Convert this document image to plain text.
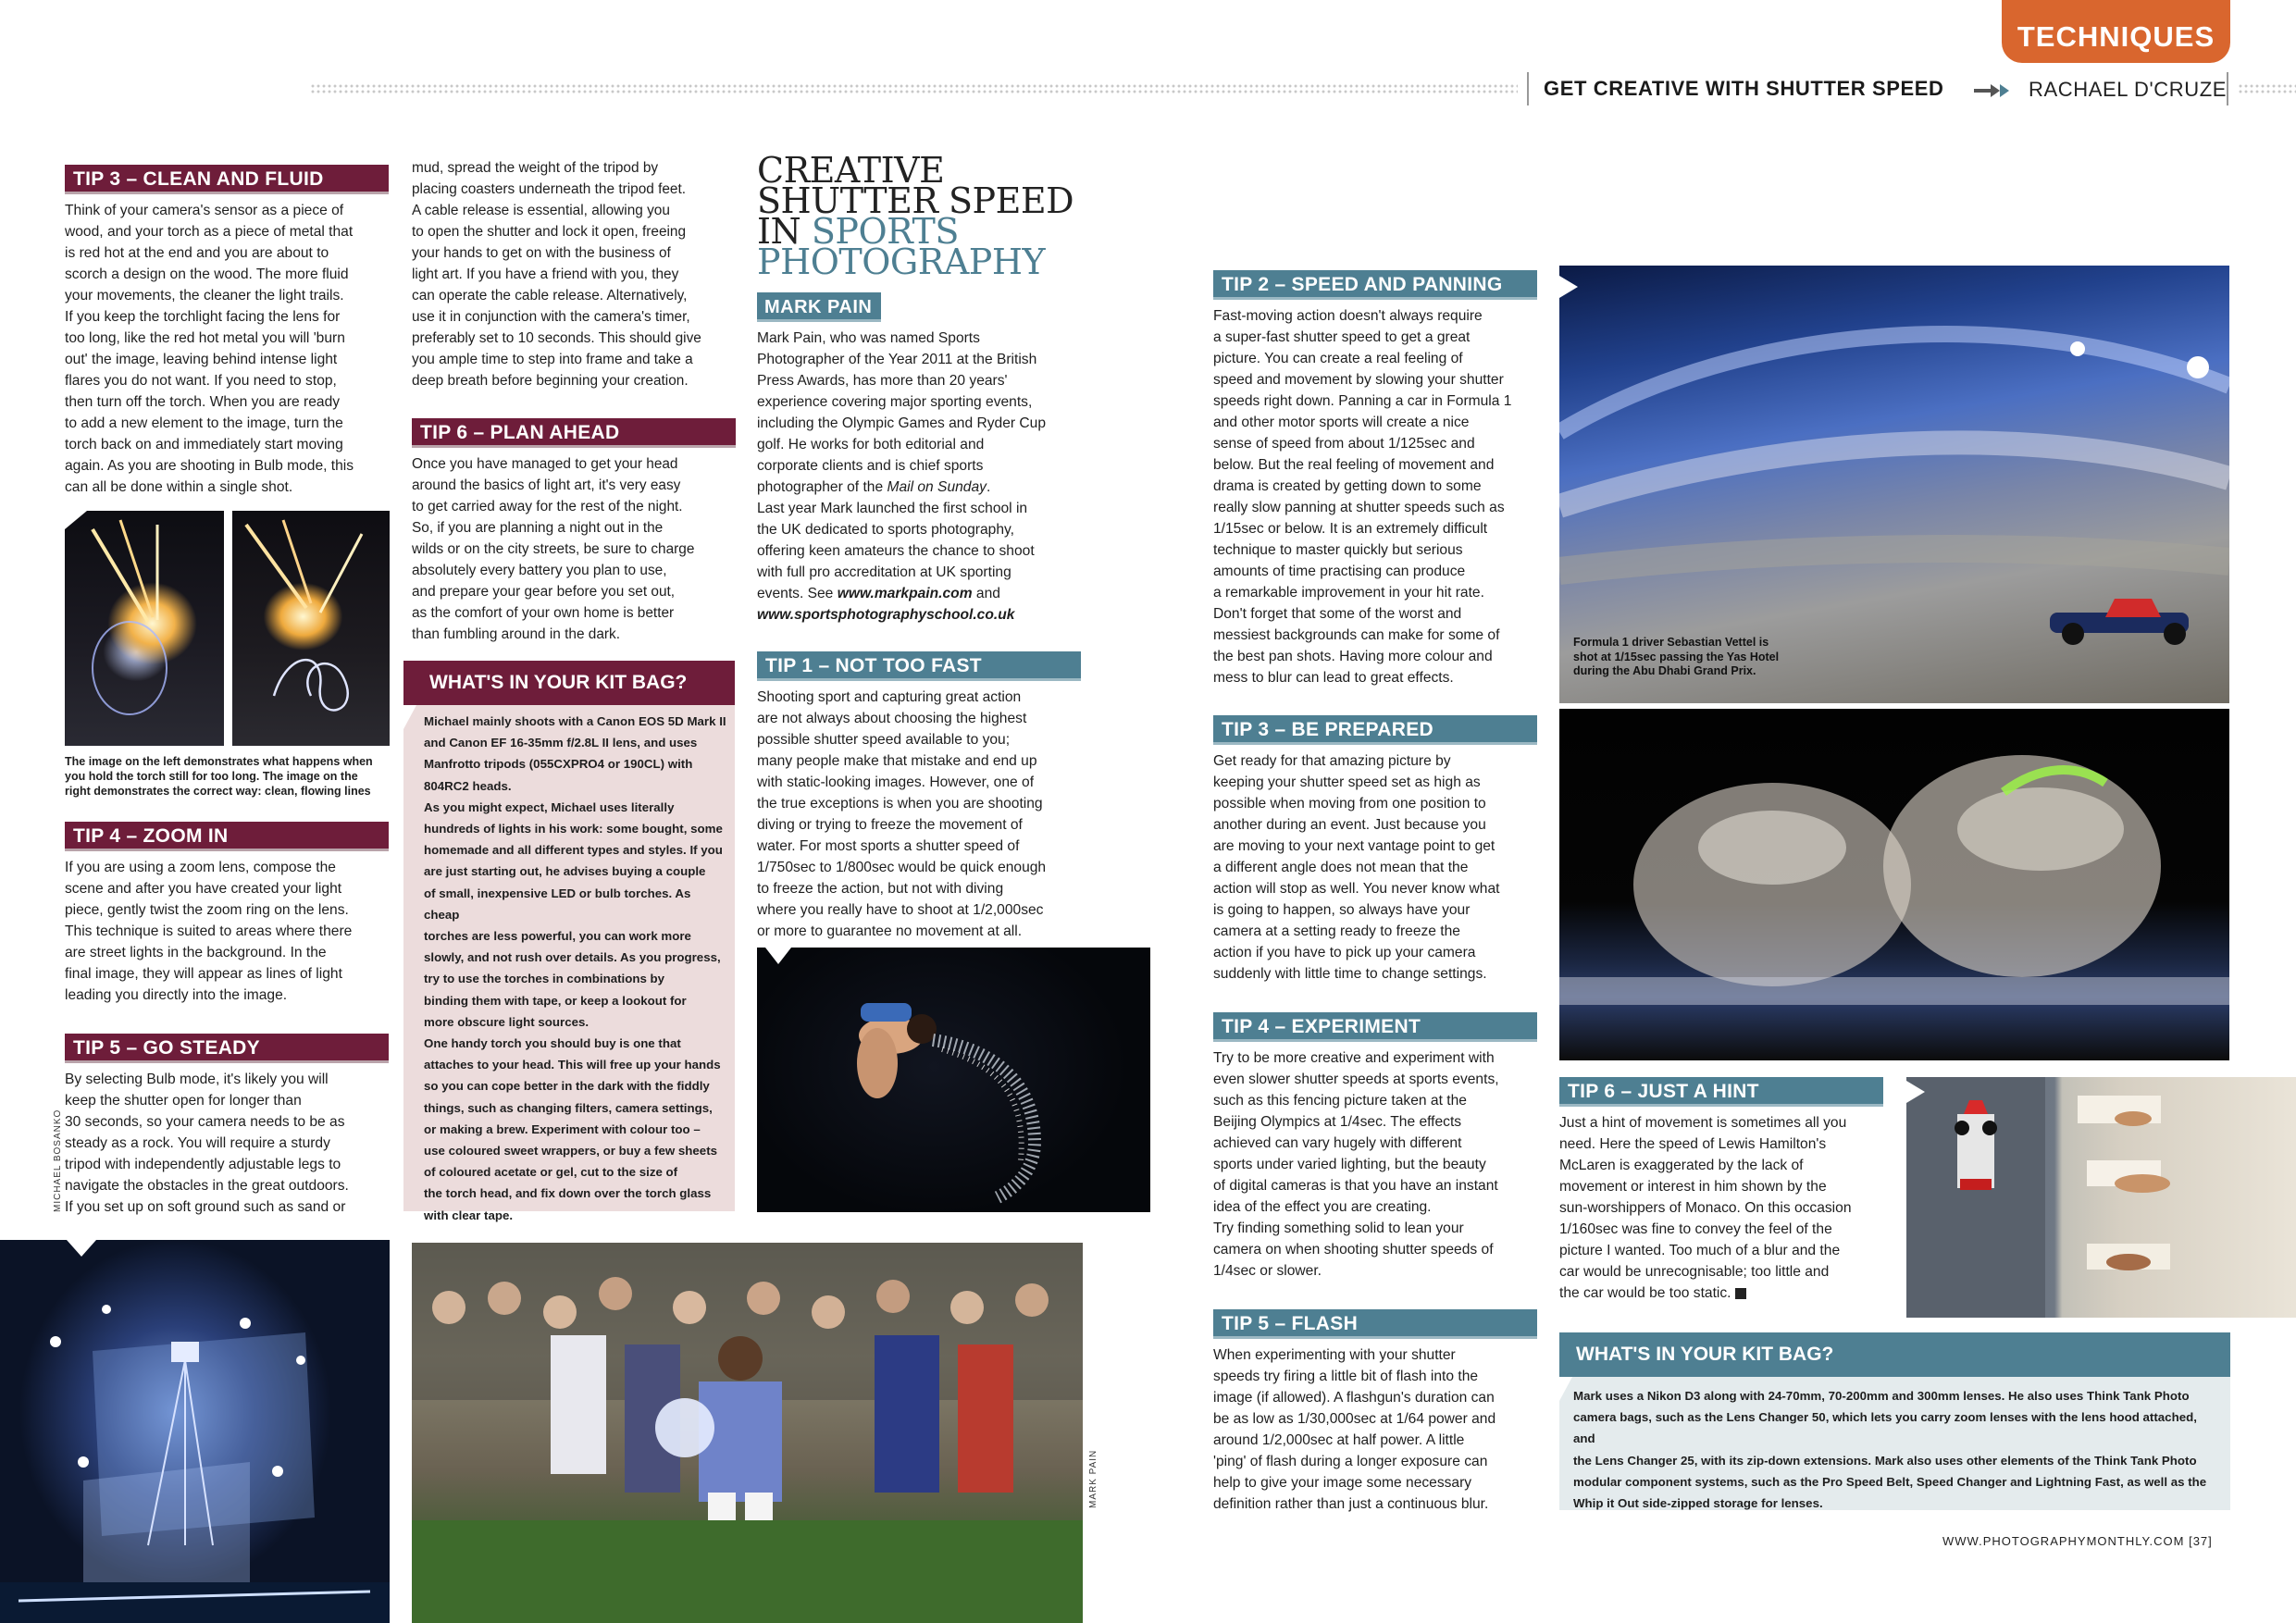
TECHNIQUES
GET CREATIVE WITH SHUTTER SPEED	RACHAEL D'CRUZE
TIP 3 – CLEAN AND FLUID

Think of your camera's sensor as a piece of
wood, and your torch as a piece of metal that
is red hot at the end and you are about to
scorch a design on the wood. The more fluid
your movements, the cleaner the light trails.
If you keep the torchlight facing the lens for
too long, like the red hot metal you will 'burn
out' the image, leaving behind intense light
flares you do not want. If you need to stop,
then turn off the torch. When you are ready
to add a new element to the image, turn the
torch back on and immediately start moving
again. As you are shooting in Bulb mode, this
can all be done within a single shot.

The image on the left demonstrates what happens when
you hold the torch still for too long. The image on the
right demonstrates the correct way: clean, flowing lines
TIP 4 – ZOOM IN

If you are using a zoom lens, compose the
scene and after you have created your light
piece, gently twist the zoom ring on the lens.
This technique is suited to areas where there
are street lights in the background. In the
final image, they will appear as lines of light
leading you directly into the image.

TIP 5 – GO STEADY

By selecting Bulb mode, it's likely you will
keep the shutter open for longer than
30 seconds, so your camera needs to be as
steady as a rock. You will require a sturdy
tripod with independently adjustable legs to
navigate the obstacles in the great outdoors.
If you set up on soft ground such as sand or

MICHAEL BOSANKO

mud, spread the weight of the tripod by
placing coasters underneath the tripod feet.
A cable release is essential, allowing you
to open the shutter and lock it open, freeing
your hands to get on with the business of
light art. If you have a friend with you, they
can operate the cable release. Alternatively,
use it in conjunction with the camera's timer,
preferably set to 10 seconds. This should give
you ample time to step into frame and take a
deep breath before beginning your creation.

TIP 6 – PLAN AHEAD

Once you have managed to get your head
around the basics of light art, it's very easy
to get carried away for the rest of the night.
So, if you are planning a night out in the
wilds or on the city streets, be sure to charge
absolutely every battery you plan to use,
and prepare your gear before you set out,
as the comfort of your own home is better
than fumbling around in the dark.

WHAT'S IN YOUR KIT BAG?

Michael mainly shoots with a Canon EOS 5D Mark II
and Canon EF 16-35mm f/2.8L II lens, and uses
Manfrotto tripods (055CXPRO4 or 190CL) with
804RC2 heads.
As you might expect, Michael uses literally
hundreds of lights in his work: some bought, some
homemade and all different types and styles. If you
are just starting out, he advises buying a couple
of small, inexpensive LED or bulb torches. As cheap
torches are less powerful, you can work more
slowly, and not rush over details. As you progress,
try to use the torches in combinations by
binding them with tape, or keep a lookout for
more obscure light sources.
One handy torch you should buy is one that
attaches to your head. This will free up your hands
so you can cope better in the dark with the fiddly
things, such as changing filters, camera settings,
or making a brew. Experiment with colour too –
use coloured sweet wrappers, or buy a few sheets
of coloured acetate or gel, cut to the size of
the torch head, and fix down over the torch glass
with clear tape.

MARK PAIN
CREATIVE
SHUTTER SPEED
IN SPORTS
PHOTOGRAPHY
MARK PAIN

Mark Pain, who was named Sports
Photographer of the Year 2011 at the British
Press Awards, has more than 20 years'
experience covering major sporting events,
including the Olympic Games and Ryder Cup
golf. He works for both editorial and
corporate clients and is chief sports
photographer of the Mail on Sunday.
Last year Mark launched the first school in
the UK dedicated to sports photography,
offering keen amateurs the chance to shoot
with full pro accreditation at UK sporting
events. See www.markpain.com and
www.sportsphotographyschool.co.uk

TIP 1 – NOT TOO FAST

Shooting sport and capturing great action
are not always about choosing the highest
possible shutter speed available to you;
many people make that mistake and end up
with static-looking images. However, one of
the true exceptions is when you are shooting
diving or trying to freeze the movement of
water. For most sports a shutter speed of
1/750sec to 1/800sec would be quick enough
to freeze the action, but not with diving
where you really have to shoot at 1/2,000sec
or more to guarantee no movement at all.

TIP 2 – SPEED AND PANNING

Fast-moving action doesn't always require
a super-fast shutter speed to get a great
picture. You can create a real feeling of
speed and movement by slowing your shutter
speeds right down. Panning a car in Formula 1
and other motor sports will create a nice
sense of speed from about 1/125sec and
below. But the real feeling of movement and
drama is created by getting down to some
really slow panning at shutter speeds such as
1/15sec or below. It is an extremely difficult
technique to master quickly but serious
amounts of time practising can produce
a remarkable improvement in your hit rate.
Don't forget that some of the worst and
messiest backgrounds can make for some of
the best pan shots. Having more colour and
mess to blur can lead to great effects.

TIP 3 – BE PREPARED

Get ready for that amazing picture by
keeping your shutter speed set as high as
possible when moving from one position to
another during an event. Just because you
are moving to your next vantage point to get
a different angle does not mean that the
action will stop as well. You never know what
is going to happen, so always have your
camera at a setting ready to freeze the
action if you have to pick up your camera
suddenly with little time to change settings.

TIP 4 – EXPERIMENT

Try to be more creative and experiment with
even slower shutter speeds at sports events,
such as this fencing picture taken at the
Beijing Olympics at 1/4sec. The effects
achieved can vary hugely with different
sports under varied lighting, but the beauty
of digital cameras is that you have an instant
idea of the effect you are creating.
Try finding something solid to lean your
camera on when shooting shutter speeds of
1/4sec or slower.

TIP 5 – FLASH

When experimenting with your shutter
speeds try firing a little bit of flash into the
image (if allowed). A flashgun's duration can
be as low as 1/30,000sec at 1/64 power and
around 1/2,000sec at half power. A little
'ping' of flash during a longer exposure can
help to give your image some necessary
definition rather than just a continuous blur.

Formula 1 driver Sebastian Vettel is
shot at 1/15sec passing the Yas Hotel
during the Abu Dhabi Grand Prix.
TIP 6 – JUST A HINT

Just a hint of movement is sometimes all you
need. Here the speed of Lewis Hamilton's
McLaren is exaggerated by the lack of
movement or interest in him shown by the
sun-worshippers of Monaco. On this occasion
1/160sec was fine to convey the feel of the
picture I wanted. Too much of a blur and the
car would be unrecognisable; too little and
the car would be too static.

WHAT'S IN YOUR KIT BAG?

Mark uses a Nikon D3 along with 24-70mm, 70-200mm and 300mm lenses. He also uses Think Tank Photo
camera bags, such as the Lens Changer 50, which lets you carry zoom lenses with the lens hood attached, and
the Lens Changer 25, with its zip-down extensions. Mark also uses other elements of the Think Tank Photo
modular component systems, such as the Pro Speed Belt, Speed Changer and Lightning Fast, as well as the
Whip it Out side-zipped storage for lenses.

WWW.PHOTOGRAPHYMONTHLY.COM [37]
